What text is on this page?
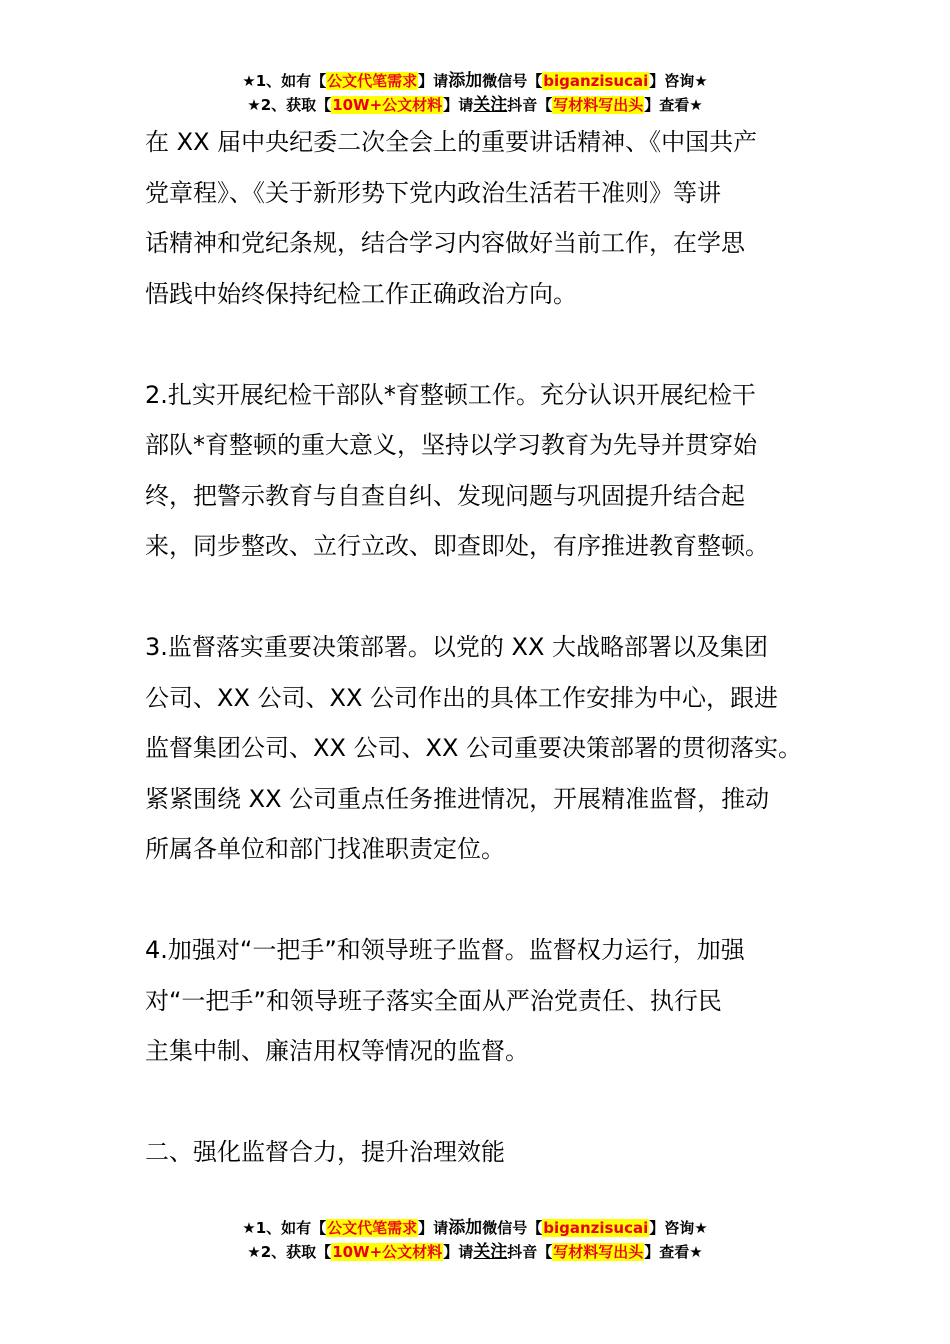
★1、如有【公文代笔需求】请添加微信号【biganzisucai】咨询★
★2、获取【10W+公文材料】请关注抖音【写材料写出头】查看★
在 XX 届中央纪委二次全会上的重要讲话精神、《中国共产
党章程》、《关于新形势下党内政治生活若干准则》等讲
话精神和党纪条规，结合学习内容做好当前工作，在学思
悟践中始终保持纪检工作正确政治方向。
2.扎实开展纪检干部队*育整顿工作。充分认识开展纪检干
部队*育整顿的重大意义，坚持以学习教育为先导并贯穿始
终，把警示教育与自查自纠、发现问题与巩固提升结合起
来，同步整改、立行立改、即查即处，有序推进教育整顿。
3.监督落实重要决策部署。以党的 XX 大战略部署以及集团
公司、XX 公司、XX 公司作出的具体工作安排为中心，跟进
监督集团公司、XX 公司、XX 公司重要决策部署的贯彻落实。
紧紧围绕 XX 公司重点任务推进情况，开展精准监督，推动
所属各单位和部门找准职责定位。
4.加强对“一把手”和领导班子监督。监督权力运行，加强
对“一把手”和领导班子落实全面从严治党责任、执行民
主集中制、廉洁用权等情况的监督。
二、强化监督合力，提升治理效能
★1、如有【公文代笔需求】请添加微信号【biganzisucai】咨询★
★2、获取【10W+公文材料】请关注抖音【写材料写出头】查看★
